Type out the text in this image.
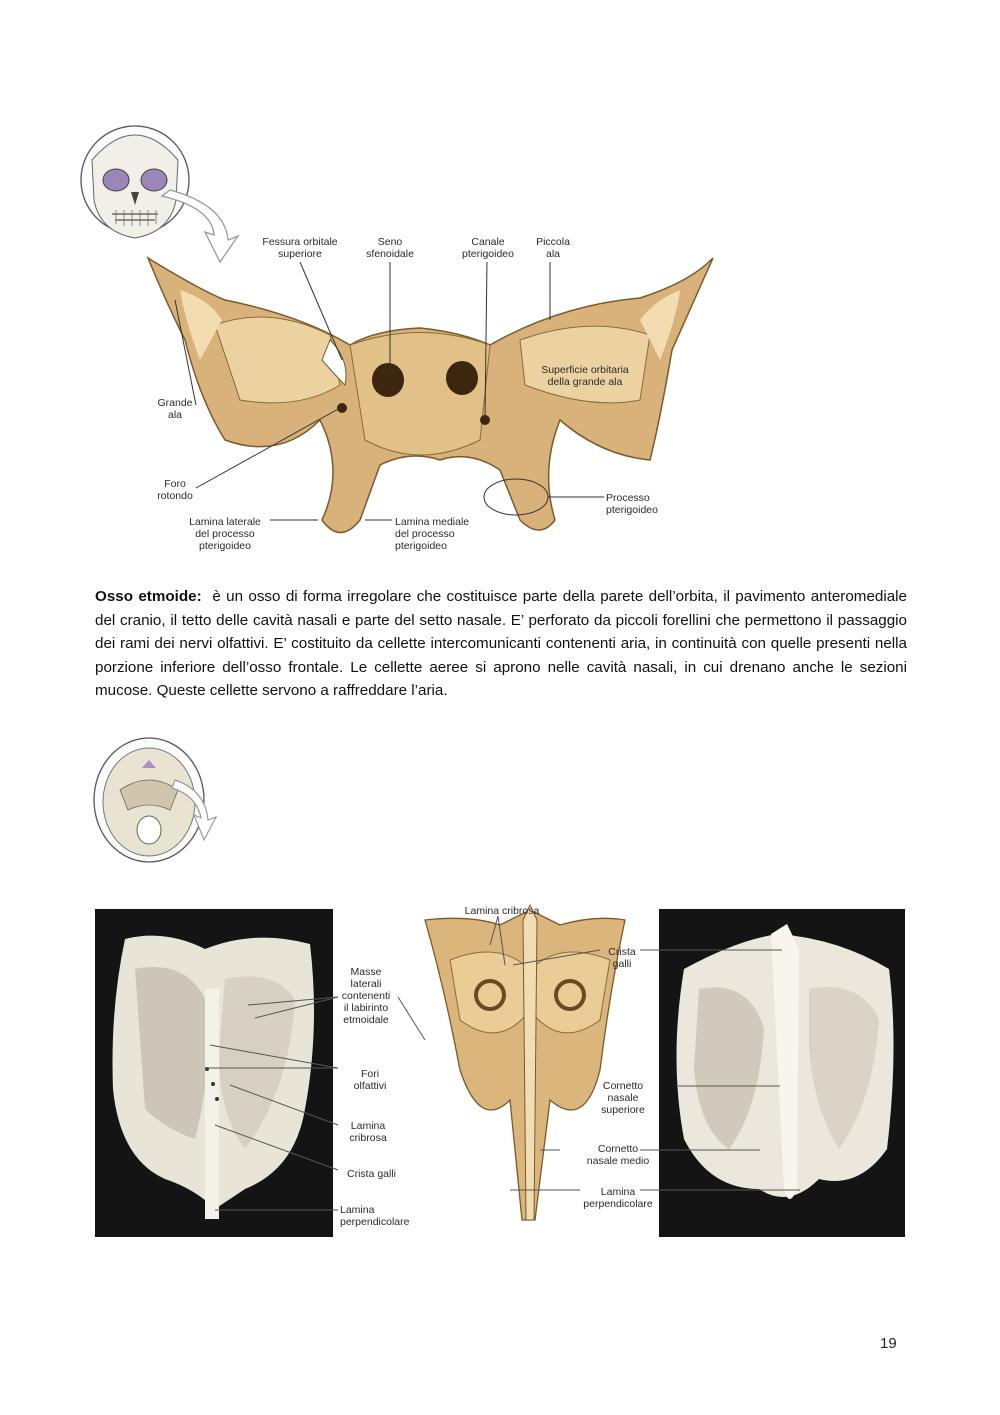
Fessura orbitale
superiore
Seno
sfenoidale
Canale
pterigoideo
Piccola
ala
Grande
ala
Superficie orbitaria
della grande ala
Foro
rotondo	Processo
pterigoideo
Lamina laterale
del processo
pterigoideo
Lamina mediale
del processo
pterigoideo
Osso etmoide: è un osso di forma irregolare che costituisce parte della parete dell’orbita, il pavimento anteromediale del cranio, il tetto delle cavità nasali e parte del setto nasale. E’ perforato da piccoli forellini che permettono il passaggio dei rami dei nervi olfattivi. E’ costituito da cellette intercomunicanti contenenti aria, in continuità con quelle presenti nella porzione inferiore dell’osso frontale. Le cellette aeree si aprono nelle cavità nasali, in cui drenano anche le sezioni mucose. Queste cellette servono a raffreddare l’aria.
Masse
laterali
contenenti
il labirinto
etmoidale
Fori
olfattivi
Lamina
cribrosa
Crista galli
Lamina
perpendicolare
Lamina cribrosa
Crista
galli
Cornetto
nasale
superiore
Cornetto
nasale medio
Lamina
perpendicolare
19
